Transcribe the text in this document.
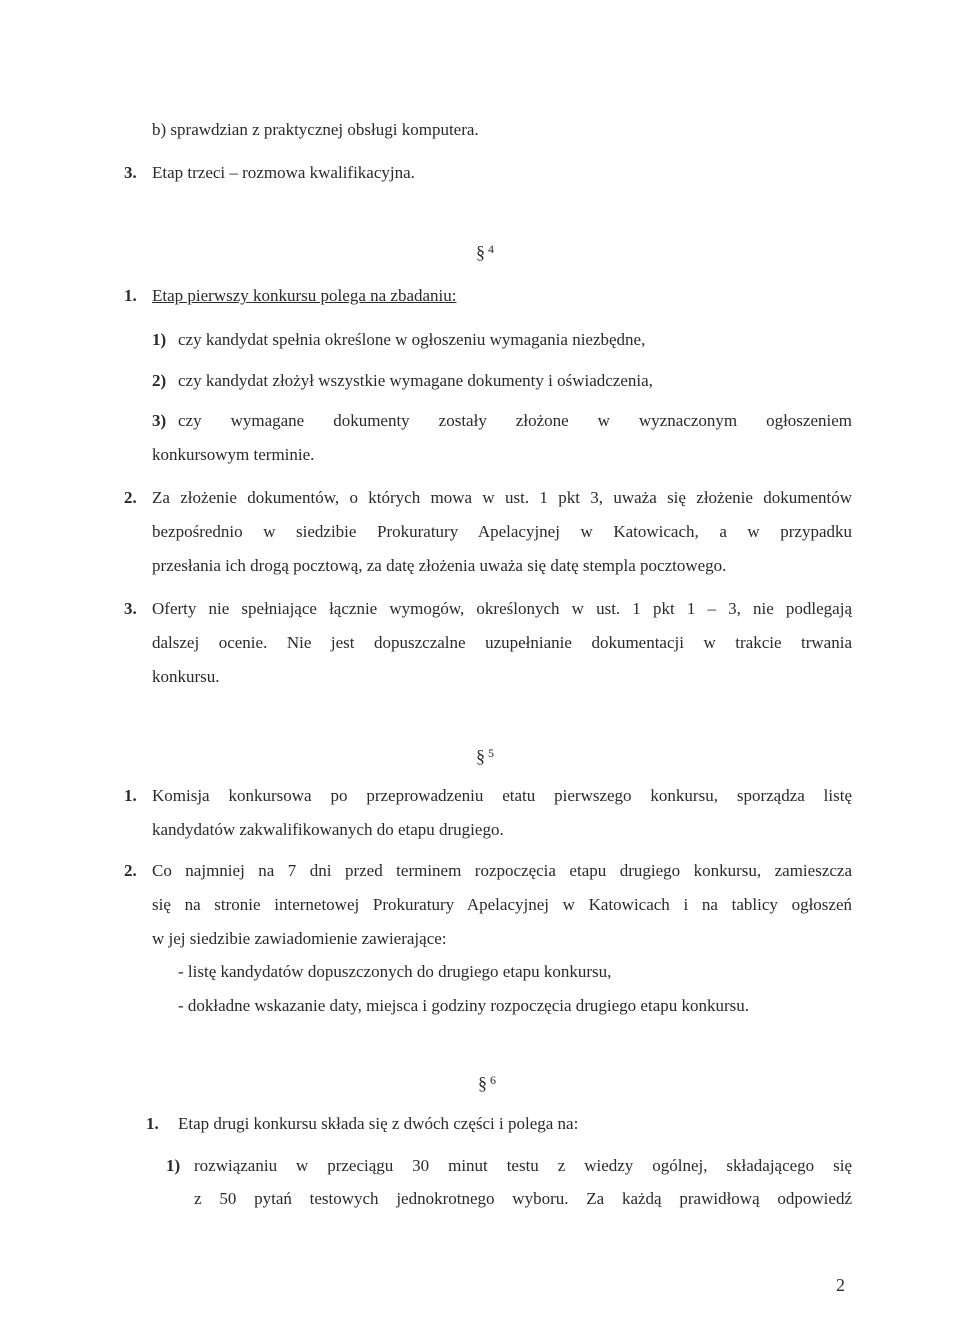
b) sprawdzian z praktycznej obsługi komputera.
3. Etap trzeci – rozmowa kwalifikacyjna.
§ $^4$
1. Etap pierwszy konkursu polega na zbadaniu:
1) czy kandydat spełnia określone w ogłoszeniu wymagania niezbędne,
2) czy kandydat złożył wszystkie wymagane dokumenty i oświadczenia,
3) czy wymagane dokumenty zostały złożone w wyznaczonym ogłoszeniem
konkursowym terminie.
2. Za złożenie dokumentów, o których mowa w ust. 1 pkt 3, uważa się złożenie dokumentów
bezpośrednio w siedzibie Prokuratury Apelacyjnej w Katowicach, a w przypadku
przesłania ich drogą pocztową, za datę złożenia uważa się datę stempla pocztowego.
3. Oferty nie spełniające łącznie wymogów, określonych w ust. 1 pkt 1 – 3, nie podlegają
dalszej ocenie. Nie jest dopuszczalne uzupełnianie dokumentacji w trakcie trwania
konkursu.
§ $^5$
1. Komisja konkursowa po przeprowadzeniu etatu pierwszego konkursu, sporządza listę
kandydatów zakwalifikowanych do etapu drugiego.
2. Co najmniej na 7 dni przed terminem rozpoczęcia etapu drugiego konkursu, zamieszcza
się na stronie internetowej Prokuratury Apelacyjnej w Katowicach i na tablicy ogłoszeń
w jej siedzibie zawiadomienie zawierające:
- listę kandydatów dopuszczonych do drugiego etapu konkursu,
- dokładne wskazanie daty, miejsca i godziny rozpoczęcia drugiego etapu konkursu.
§ $^6$
1. Etap drugi konkursu składa się z dwóch części i polega na:
1) rozwiązaniu w przeciągu 30 minut testu z wiedzy ogólnej, składającego się
z 50 pytań testowych jednokrotnego wyboru. Za każdą prawidłową odpowiedź
2
